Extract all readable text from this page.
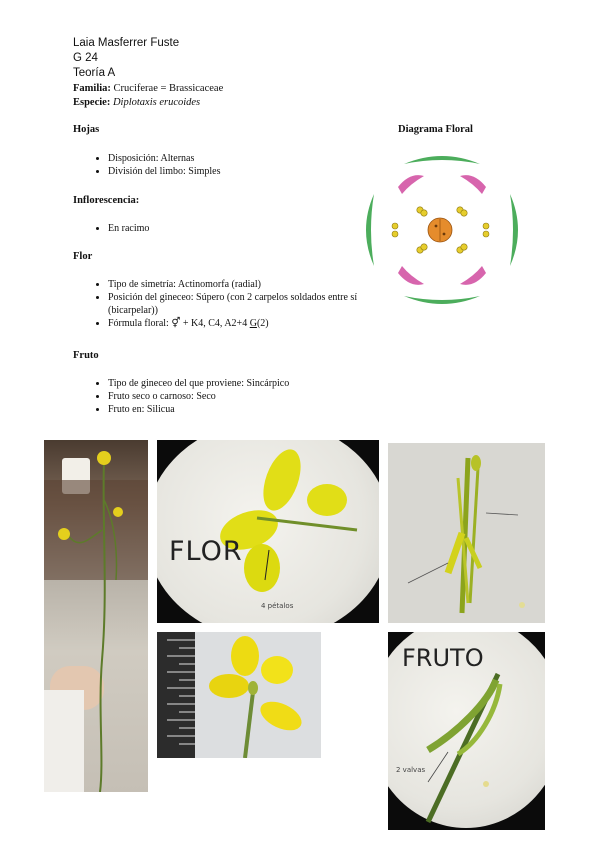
Laia Masferrer Fuste
G 24
Teoría A
Familia: Cruciferae = Brassicaceae
Especie: Diplotaxis erucoides
Hojas
• Disposición: Alternas
• División del limbo: Simples
Inflorescencia:
• En racimo
Flor
• Tipo de simetría: Actinomorfa (radial)
• Posición del gineceo: Súpero (con 2 carpelos soldados entre sí (bicarpelar))
• Fórmula floral: ⚥ + K4, C4, A2+4 G(2)
Fruto
• Tipo de gineceo del que proviene: Sincárpico
• Fruto seco o carnoso: Seco
• Fruto en: Silicua
Diagrama Floral
FLOR
4 pétalos
FRUTO
2 valvas
